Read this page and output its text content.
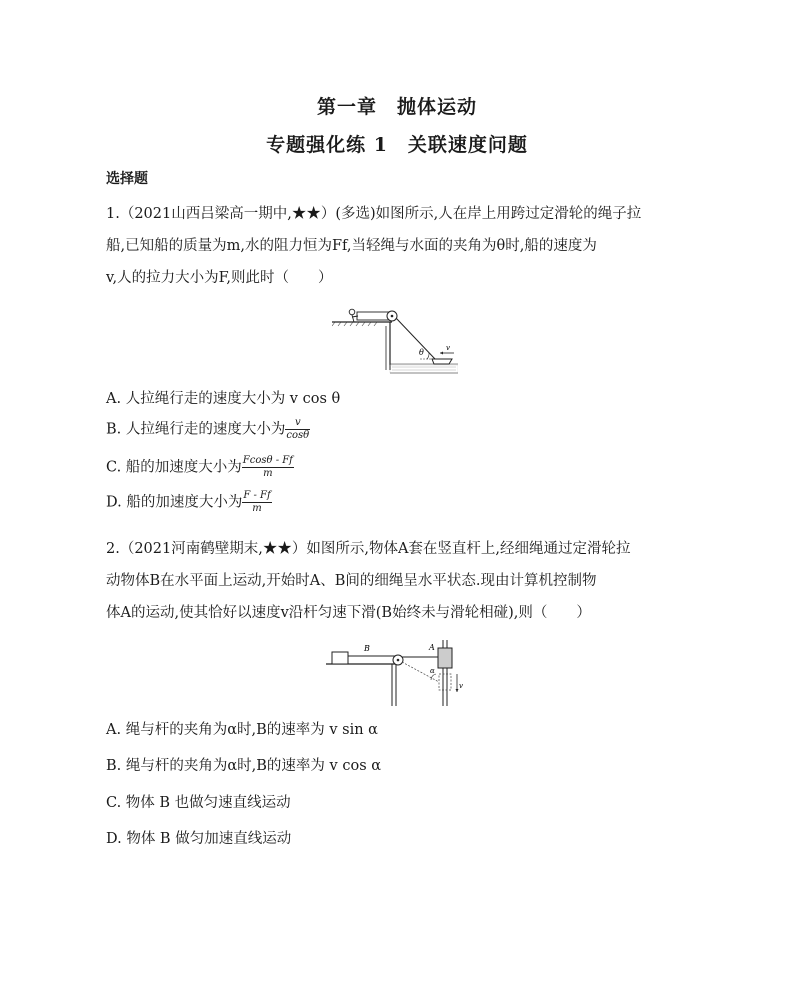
第一章　抛体运动
专题强化练 1　关联速度问题
选择题
1.（2021山西吕梁高一期中,★★）(多选)如图所示,人在岸上用跨过定滑轮的绳子拉
船,已知船的质量为m,水的阻力恒为Ff,当轻绳与水面的夹角为θ时,船的速度为
v,人的拉力大小为F,则此时（　　）
θ	v
A. 人拉绳行走的速度大小为 v cos θ
B. 人拉绳行走的速度大小为 $\frac{v}{\cos\theta}$
C. 船的加速度大小为 $\frac{Fcos\theta - Ff}{m}$
D. 船的加速度大小为 $\frac{F - Ff}{m}$
2.（2021河南鹤壁期末,★★）如图所示,物体A套在竖直杆上,经细绳通过定滑轮拉
动物体B在水平面上运动,开始时A、B间的细绳呈水平状态.现由计算机控制物
体A的运动,使其恰好以速度v沿杆匀速下滑(B始终未与滑轮相碰),则（　　）
B	A
α
v
A. 绳与杆的夹角为α时,B的速率为 v sin α
B. 绳与杆的夹角为α时,B的速率为 v cos α
C. 物体 B 也做匀速直线运动
D. 物体 B 做匀加速直线运动
